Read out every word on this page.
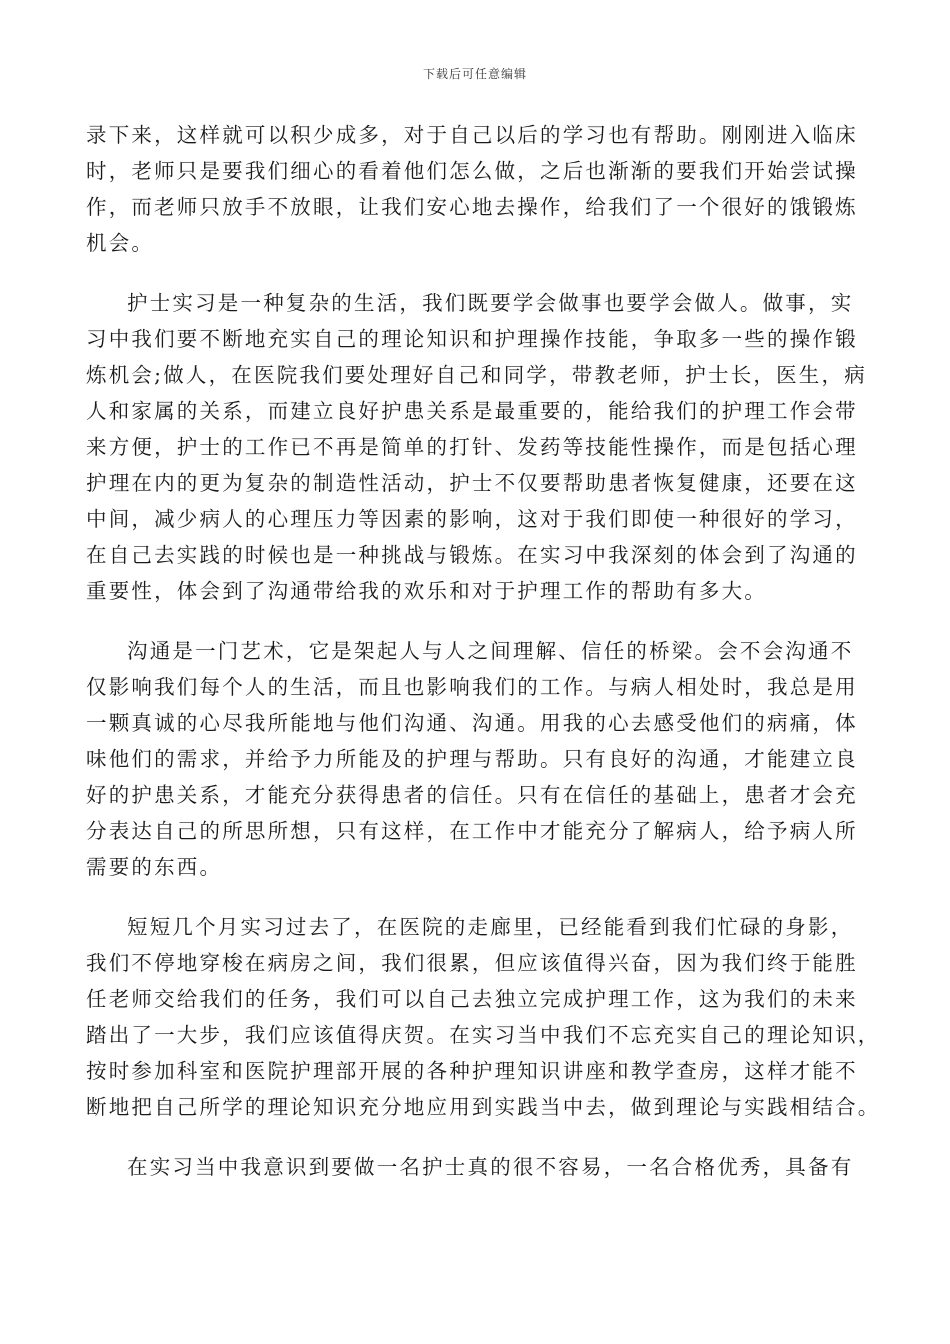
下载后可任意编辑

录下来，这样就可以积少成多，对于自己以后的学习也有帮助。刚刚进入临床
时，老师只是要我们细心的看着他们怎么做，之后也渐渐的要我们开始尝试操
作，而老师只放手不放眼，让我们安心地去操作，给我们了一个很好的饿锻炼
机会。

护士实习是一种复杂的生活，我们既要学会做事也要学会做人。做事，实
习中我们要不断地充实自己的理论知识和护理操作技能，争取多一些的操作锻
炼机会;做人，在医院我们要处理好自己和同学，带教老师，护士长，医生，病
人和家属的关系，而建立良好护患关系是最重要的，能给我们的护理工作会带
来方便，护士的工作已不再是简单的打针、发药等技能性操作，而是包括心理
护理在内的更为复杂的制造性活动，护士不仅要帮助患者恢复健康，还要在这
中间，减少病人的心理压力等因素的影响，这对于我们即使一种很好的学习，
在自己去实践的时候也是一种挑战与锻炼。在实习中我深刻的体会到了沟通的
重要性，体会到了沟通带给我的欢乐和对于护理工作的帮助有多大。

沟通是一门艺术，它是架起人与人之间理解、信任的桥梁。会不会沟通不
仅影响我们每个人的生活，而且也影响我们的工作。与病人相处时，我总是用
一颗真诚的心尽我所能地与他们沟通、沟通。用我的心去感受他们的病痛，体
味他们的需求，并给予力所能及的护理与帮助。只有良好的沟通，才能建立良
好的护患关系，才能充分获得患者的信任。只有在信任的基础上，患者才会充
分表达自己的所思所想，只有这样，在工作中才能充分了解病人，给予病人所
需要的东西。

短短几个月实习过去了，在医院的走廊里，已经能看到我们忙碌的身影，
我们不停地穿梭在病房之间，我们很累，但应该值得兴奋，因为我们终于能胜
任老师交给我们的任务，我们可以自己去独立完成护理工作，这为我们的未来
踏出了一大步，我们应该值得庆贺。在实习当中我们不忘充实自己的理论知识，
按时参加科室和医院护理部开展的各种护理知识讲座和教学查房，这样才能不
断地把自己所学的理论知识充分地应用到实践当中去，做到理论与实践相结合。

在实习当中我意识到要做一名护士真的很不容易，一名合格优秀，具备有
